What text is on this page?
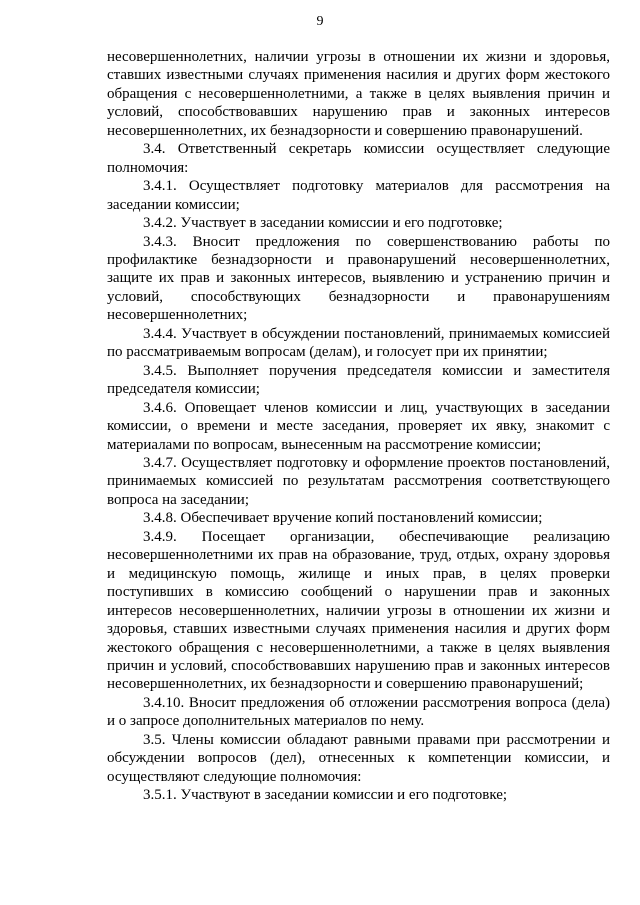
9

несовершеннолетних, наличии угрозы в отношении их жизни и здоровья, ставших известными случаях применения насилия и других форм жестокого обращения с несовершеннолетними, а также в целях выявления причин и условий, способствовавших нарушению прав и законных интересов несовершеннолетних, их безнадзорности и совершению правонарушений.

3.4. Ответственный секретарь комиссии осуществляет следующие полномочия:

3.4.1. Осуществляет подготовку материалов для рассмотрения на заседании комиссии;

3.4.2. Участвует в заседании комиссии и его подготовке;

3.4.3. Вносит предложения по совершенствованию работы по профилактике безнадзорности и правонарушений несовершеннолетних, защите их прав и законных интересов, выявлению и устранению причин и условий, способствующих безнадзорности и правонарушениям несовершеннолетних;

3.4.4. Участвует в обсуждении постановлений, принимаемых комиссией по рассматриваемым вопросам (делам), и голосует при их принятии;

3.4.5. Выполняет поручения председателя комиссии и заместителя председателя комиссии;

3.4.6. Оповещает членов комиссии и лиц, участвующих в заседании комиссии, о времени и месте заседания, проверяет их явку, знакомит с материалами по вопросам, вынесенным на рассмотрение комиссии;

3.4.7. Осуществляет подготовку и оформление проектов постановлений, принимаемых комиссией по результатам рассмотрения соответствующего вопроса на заседании;

3.4.8. Обеспечивает вручение копий постановлений комиссии;

3.4.9. Посещает организации, обеспечивающие реализацию несовершеннолетними их прав на образование, труд, отдых, охрану здоровья и медицинскую помощь, жилище и иных прав, в целях проверки поступивших в комиссию сообщений о нарушении прав и законных интересов несовершеннолетних, наличии угрозы в отношении их жизни и здоровья, ставших известными случаях применения насилия и других форм жестокого обращения с несовершеннолетними, а также в целях выявления причин и условий, способствовавших нарушению прав и законных интересов несовершеннолетних, их безнадзорности и совершению правонарушений;

3.4.10. Вносит предложения об отложении рассмотрения вопроса (дела) и о запросе дополнительных материалов по нему.

3.5. Члены комиссии обладают равными правами при рассмотрении и обсуждении вопросов (дел), отнесенных к компетенции комиссии, и осуществляют следующие полномочия:

3.5.1. Участвуют в заседании комиссии и его подготовке;
